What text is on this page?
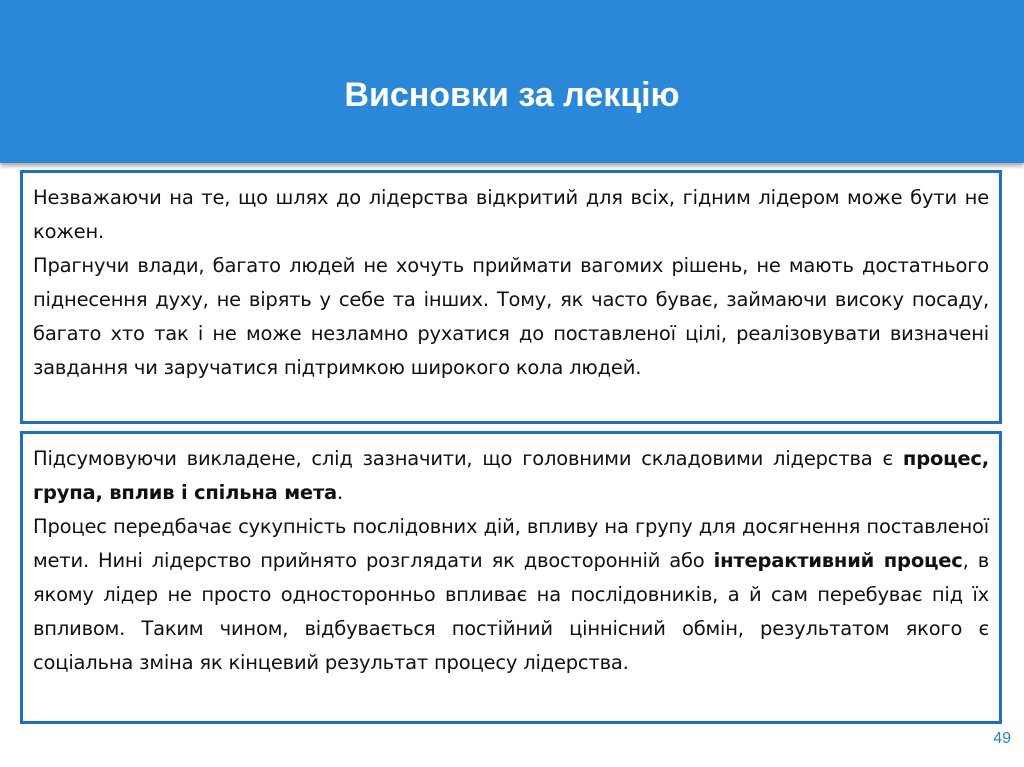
Висновки за лекцію

Незважаючи на те, що шлях до лідерства відкритий для всіх, гідним лідером може бути не кожен.

Прагнучи влади, багато людей не хочуть приймати вагомих рішень, не мають достатнього піднесення духу, не вірять у себе та інших. Тому, як часто буває, займаючи високу посаду, багато хто так і не може незламно рухатися до поставленої цілі, реалізовувати визначені завдання чи заручатися підтримкою широкого кола людей.

Підсумовуючи викладене, слід зазначити, що головними складовими лідерства є процес, група, вплив і спільна мета.

Процес передбачає сукупність послідовних дій, впливу на групу для досягнення поставленої мети. Нині лідерство прийнято розглядати як двосторонній або інтерактивний процес, в якому лідер не просто односторонньо впливає на послідовників, а й сам перебуває під їх впливом. Таким чином, відбувається постійний ціннісний обмін, результатом якого є соціальна зміна як кінцевий результат процесу лідерства.

49
